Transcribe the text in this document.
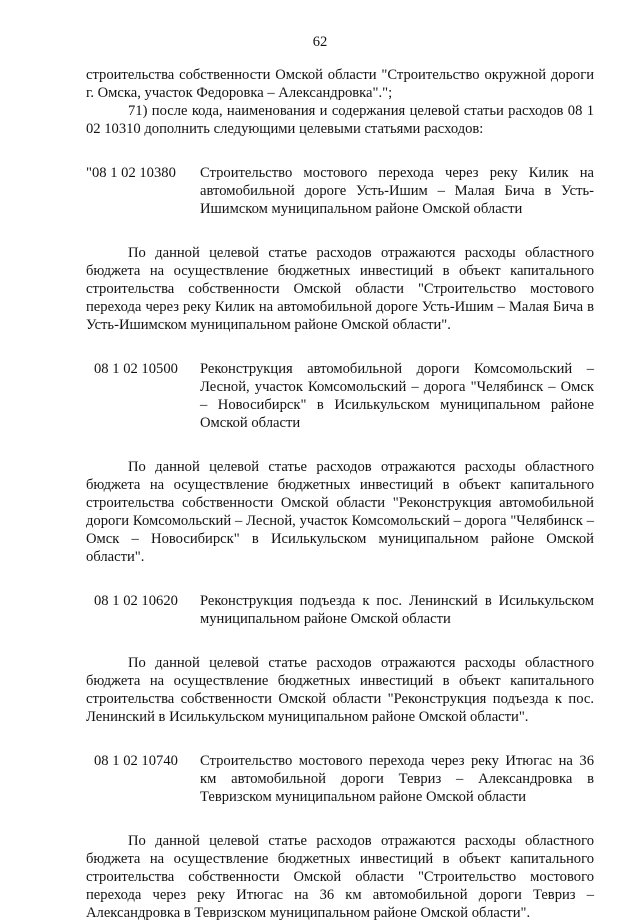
62

строительства собственности Омской области "Строительство окружной дороги г. Омска, участок Федоровка – Александровка".";

71) после кода, наименования и содержания целевой статьи расходов 08 1 02 10310 дополнить следующими целевыми статьями расходов:

"08 1 02 10380	Строительство мостового перехода через реку Килик на автомобильной дороге Усть-Ишим – Малая Бича в Усть-Ишимском муниципальном районе Омской области

По данной целевой статье расходов отражаются расходы областного бюджета на осуществление бюджетных инвестиций в объект капитального строительства собственности Омской области "Строительство мостового перехода через реку Килик на автомобильной дороге Усть-Ишим – Малая Бича в Усть-Ишимском муниципальном районе Омской области".

08 1 02 10500	Реконструкция автомобильной дороги Комсомольский – Лесной, участок Комсомольский – дорога "Челябинск – Омск – Новосибирск" в Исилькульском муниципальном районе Омской области

По данной целевой статье расходов отражаются расходы областного бюджета на осуществление бюджетных инвестиций в объект капитального строительства собственности Омской области "Реконструкция автомобильной дороги Комсомольский – Лесной, участок Комсомольский – дорога "Челябинск – Омск – Новосибирск" в Исилькульском муниципальном районе Омской области".

08 1 02 10620	Реконструкция подъезда к пос. Ленинский в Исилькульском муниципальном районе Омской области

По данной целевой статье расходов отражаются расходы областного бюджета на осуществление бюджетных инвестиций в объект капитального строительства собственности Омской области "Реконструкция подъезда к пос. Ленинский в Исилькульском муниципальном районе Омской области".

08 1 02 10740	Строительство мостового перехода через реку Итюгас на 36 км автомобильной дороги Тевриз – Александровка в Тевризском муниципальном районе Омской области

По данной целевой статье расходов отражаются расходы областного бюджета на осуществление бюджетных инвестиций в объект капитального строительства собственности Омской области "Строительство мостового перехода через реку Итюгас на 36 км автомобильной дороги Тевриз – Александровка в Тевризском муниципальном районе Омской области".
